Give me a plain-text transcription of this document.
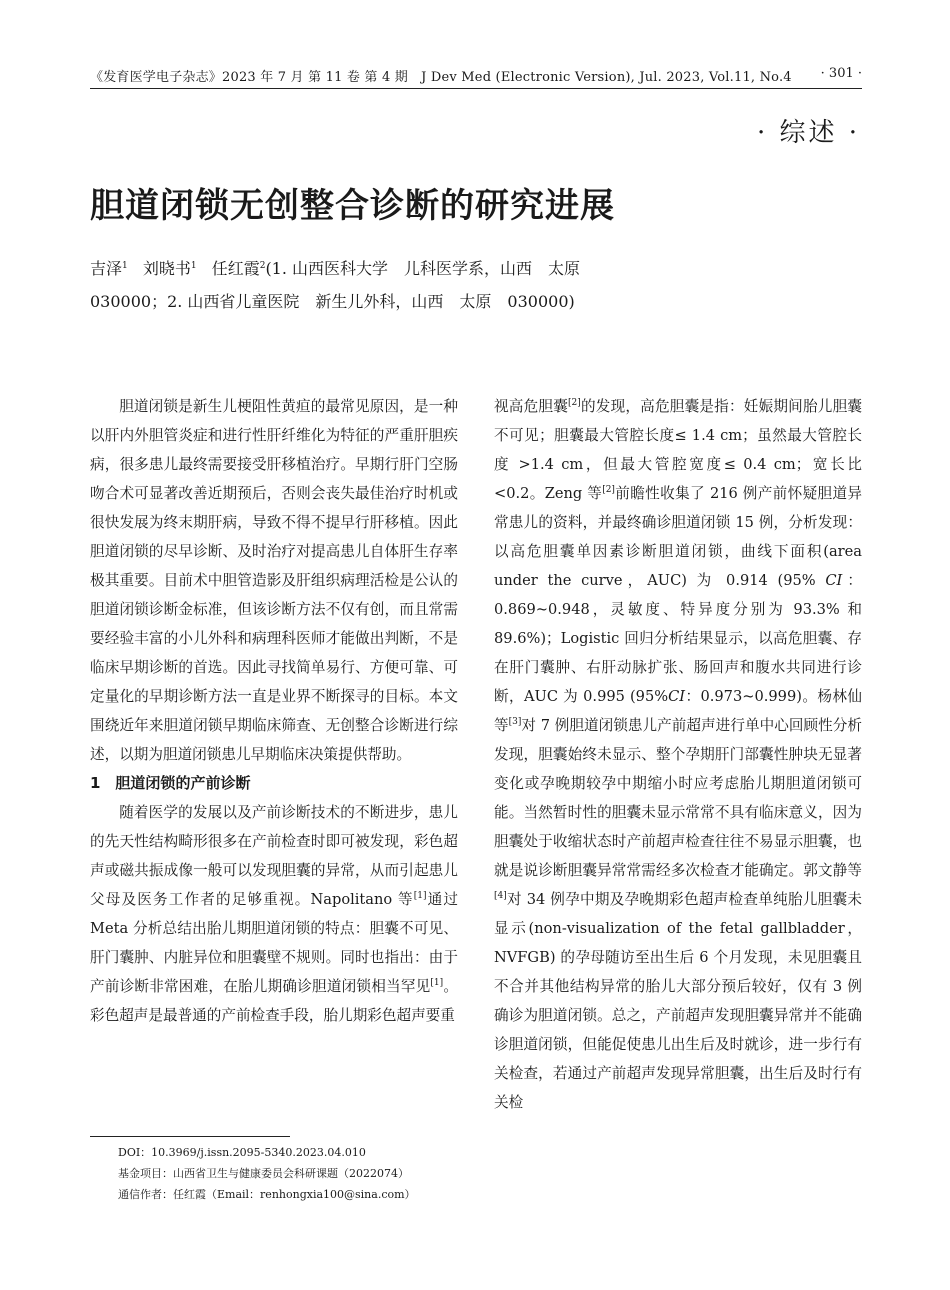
《发育医学电子杂志》2023 年 7 月 第 11 卷 第 4 期　J Dev Med (Electronic Version), Jul. 2023, Vol.11, No.4 · 301 ·
· 综述 ·
胆道闭锁无创整合诊断的研究进展
吉泽$^1$ 刘晓书$^1$ 任红霞$^2$(1. 山西医科大学　儿科医学系，山西　太原
030000；2. 山西省儿童医院　新生儿外科，山西　太原　030000)

胆道闭锁是新生儿梗阻性黄疸的最常见原因，是一种以肝内外胆管炎症和进行性肝纤维化为特征的严重肝胆疾病，很多患儿最终需要接受肝移植治疗。早期行肝门空肠吻合术可显著改善近期预后，否则会丧失最佳治疗时机或很快发展为终末期肝病，导致不得不提早行肝移植。因此胆道闭锁的尽早诊断、及时治疗对提高患儿自体肝生存率极其重要。目前术中胆管造影及肝组织病理活检是公认的胆道闭锁诊断金标准，但该诊断方法不仅有创，而且常需要经验丰富的小儿外科和病理科医师才能做出判断，不是临床早期诊断的首选。因此寻找简单易行、方便可靠、可定量化的早期诊断方法一直是业界不断探寻的目标。本文围绕近年来胆道闭锁早期临床筛查、无创整合诊断进行综述，以期为胆道闭锁患儿早期临床决策提供帮助。

1　胆道闭锁的产前诊断

随着医学的发展以及产前诊断技术的不断进步，患儿的先天性结构畸形很多在产前检查时即可被发现，彩色超声或磁共振成像一般可以发现胆囊的异常，从而引起患儿父母及医务工作者的足够重视。Napolitano 等[1]通过 Meta 分析总结出胎儿期胆道闭锁的特点：胆囊不可见、肝门囊肿、内脏异位和胆囊壁不规则。同时也指出：由于产前诊断非常困难，在胎儿期确诊胆道闭锁相当罕见[1]。彩色超声是最普通的产前检查手段，胎儿期彩色超声要重

视高危胆囊[2]的发现，高危胆囊是指：妊娠期间胎儿胆囊不可见；胆囊最大管腔长度≤ 1.4 cm；虽然最大管腔长度 >1.4 cm，但最大管腔宽度≤ 0.4 cm；宽长比 <0.2。Zeng 等[2]前瞻性收集了 216 例产前怀疑胆道异常患儿的资料，并最终确诊胆道闭锁 15 例，分析发现：以高危胆囊单因素诊断胆道闭锁，曲线下面积(area under the curve，AUC) 为 0.914 (95% CI：0.869~0.948，灵敏度、特异度分别为 93.3% 和 89.6%)；Logistic 回归分析结果显示，以高危胆囊、存在肝门囊肿、右肝动脉扩张、肠回声和腹水共同进行诊断，AUC 为 0.995 (95%CI：0.973~0.999)。杨林仙等[3]对 7 例胆道闭锁患儿产前超声进行单中心回顾性分析发现，胆囊始终未显示、整个孕期肝门部囊性肿块无显著变化或孕晚期较孕中期缩小时应考虑胎儿期胆道闭锁可能。当然暂时性的胆囊未显示常常不具有临床意义，因为胆囊处于收缩状态时产前超声检查往往不易显示胆囊，也就是说诊断胆囊异常常需经多次检查才能确定。郭文静等[4]对 34 例孕中期及孕晚期彩色超声检查单纯胎儿胆囊未显示(non-visualization of the fetal gallbladder，NVFGB) 的孕母随访至出生后 6 个月发现，未见胆囊且不合并其他结构异常的胎儿大部分预后较好，仅有 3 例确诊为胆道闭锁。总之，产前超声发现胆囊异常并不能确诊胆道闭锁，但能促使患儿出生后及时就诊，进一步行有关检查，若通过产前超声发现异常胆囊，出生后及时行有关检

DOI：10.3969/j.issn.2095-5340.2023.04.010
基金项目：山西省卫生与健康委员会科研课题（2022074）
通信作者：任红霞（Email：renhongxia100@sina.com）
